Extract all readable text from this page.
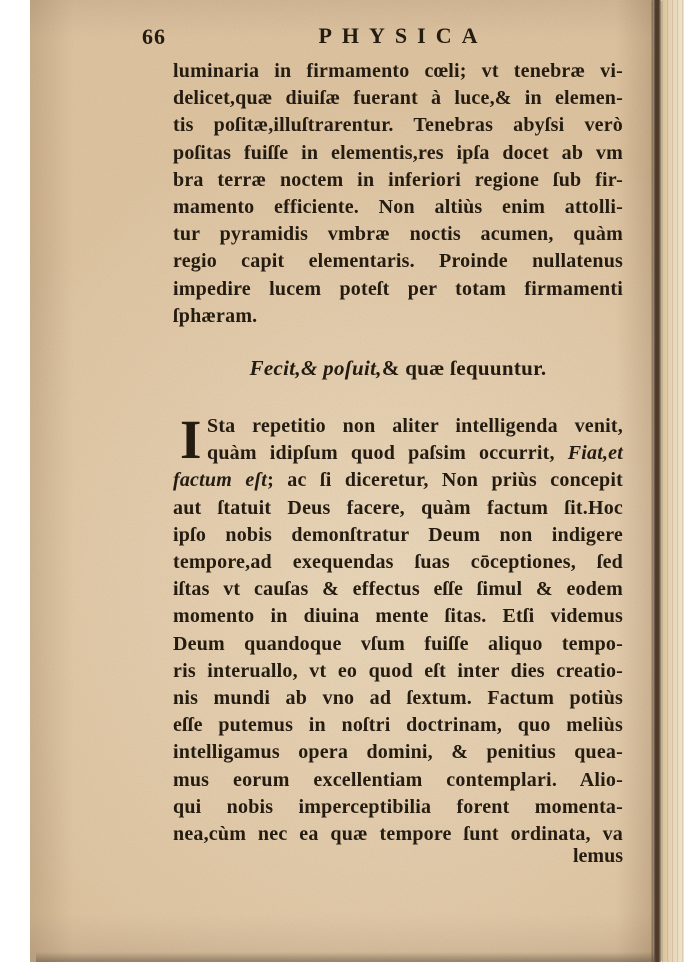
66	PHYSICA
luminaria in firmamento cœli; vt tenebræ vi-
delicet,quæ diuiſæ fuerant à luce,& in elemen-
tis poſitæ,illuſtrarentur. Tenebras abyſsi verò
poſitas fuiſſe in elementis,res ipſa docet ab vm
bra terræ noctem in inferiori regione ſub fir-
mamento efficiente. Non altiùs enim attolli-
tur pyramidis vmbræ noctis acumen, quàm
regio capit elementaris. Proinde nullatenus
impedire lucem poteſt per totam firmamenti
ſphæram.
Fecit,& poſuit,& quæ ſequuntur.
I Sta repetitio non aliter intelligenda venit,
quàm idipſum quod paſsim occurrit, Fiat,et
factum eſt; ac ſi diceretur, Non priùs concepit
aut ſtatuit Deus facere, quàm factum ſit.Hoc
ipſo nobis demonſtratur Deum non indigere
tempore,ad exequendas ſuas cōceptiones, ſed
iſtas vt cauſas & effectus eſſe ſimul & eodem
momento in diuina mente ſitas. Etſi videmus
Deum quandoque vſum fuiſſe aliquo tempo-
ris interuallo, vt eo quod eſt inter dies creatio-
nis mundi ab vno ad ſextum. Factum potiùs
eſſe putemus in noſtri doctrinam, quo meliùs
intelligamus opera domini, & penitius quea-
mus eorum excellentiam contemplari. Alio-
qui nobis imperceptibilia forent momenta-
nea,cùm nec ea quæ tempore ſunt ordinata, va
lemus
